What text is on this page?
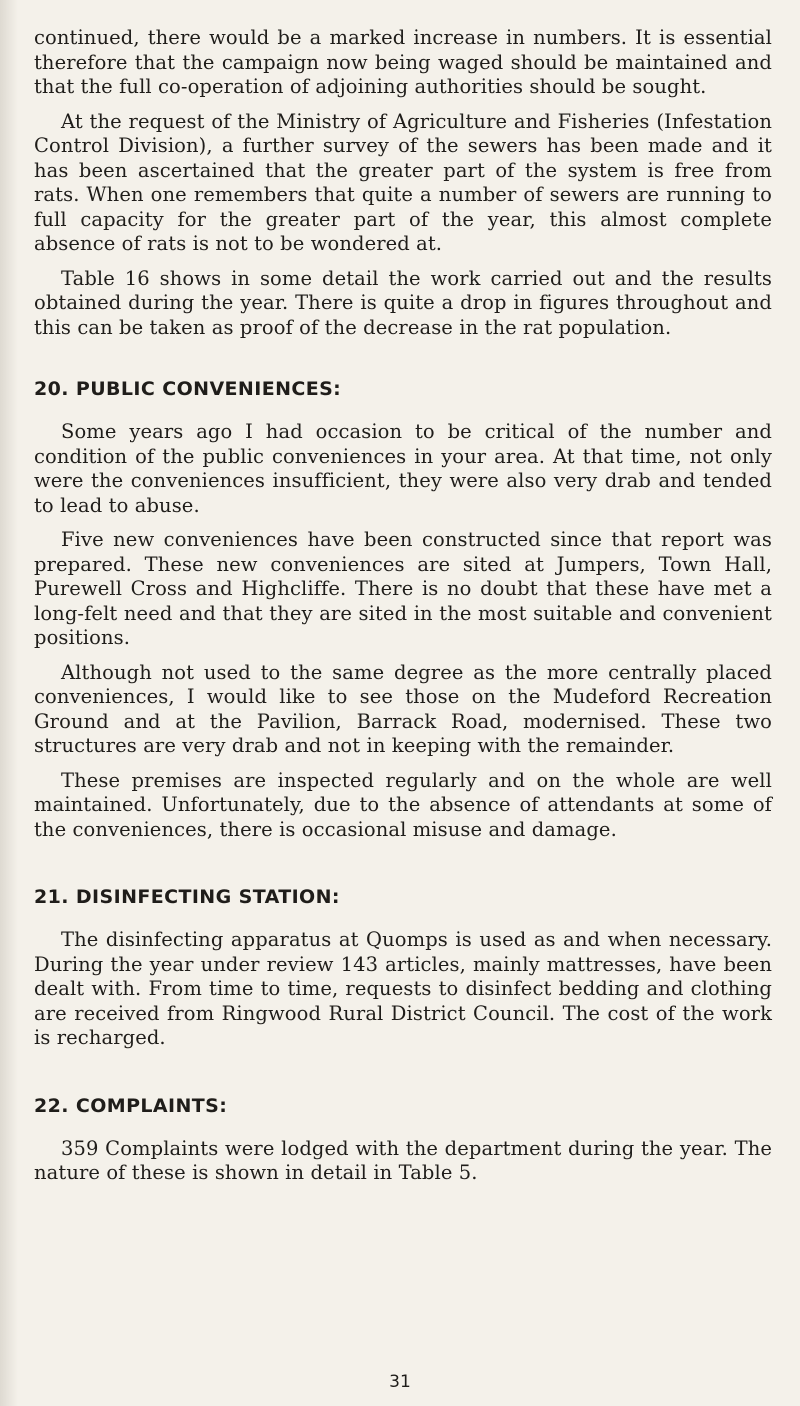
continued, there would be a marked increase in numbers. It is essential therefore that the campaign now being waged should be maintained and that the full co-operation of adjoining authorities should be sought.

At the request of the Ministry of Agriculture and Fisheries (Infestation Control Division), a further survey of the sewers has been made and it has been ascertained that the greater part of the system is free from rats. When one remembers that quite a number of sewers are running to full capacity for the greater part of the year, this almost complete absence of rats is not to be wondered at.

Table 16 shows in some detail the work carried out and the results obtained during the year. There is quite a drop in figures throughout and this can be taken as proof of the decrease in the rat population.

20. PUBLIC CONVENIENCES:

Some years ago I had occasion to be critical of the number and condition of the public conveniences in your area. At that time, not only were the conveniences insufficient, they were also very drab and tended to lead to abuse.

Five new conveniences have been constructed since that report was prepared. These new conveniences are sited at Jumpers, Town Hall, Purewell Cross and Highcliffe. There is no doubt that these have met a long-felt need and that they are sited in the most suitable and convenient positions.

Although not used to the same degree as the more centrally placed conveniences, I would like to see those on the Mudeford Recreation Ground and at the Pavilion, Barrack Road, modernised. These two structures are very drab and not in keeping with the remainder.

These premises are inspected regularly and on the whole are well maintained. Unfortunately, due to the absence of attendants at some of the conveniences, there is occasional misuse and damage.

21. DISINFECTING STATION:

The disinfecting apparatus at Quomps is used as and when necessary. During the year under review 143 articles, mainly mattresses, have been dealt with. From time to time, requests to disinfect bedding and clothing are received from Ringwood Rural District Council. The cost of the work is recharged.

22. COMPLAINTS:

359 Complaints were lodged with the department during the year. The nature of these is shown in detail in Table 5.

31
